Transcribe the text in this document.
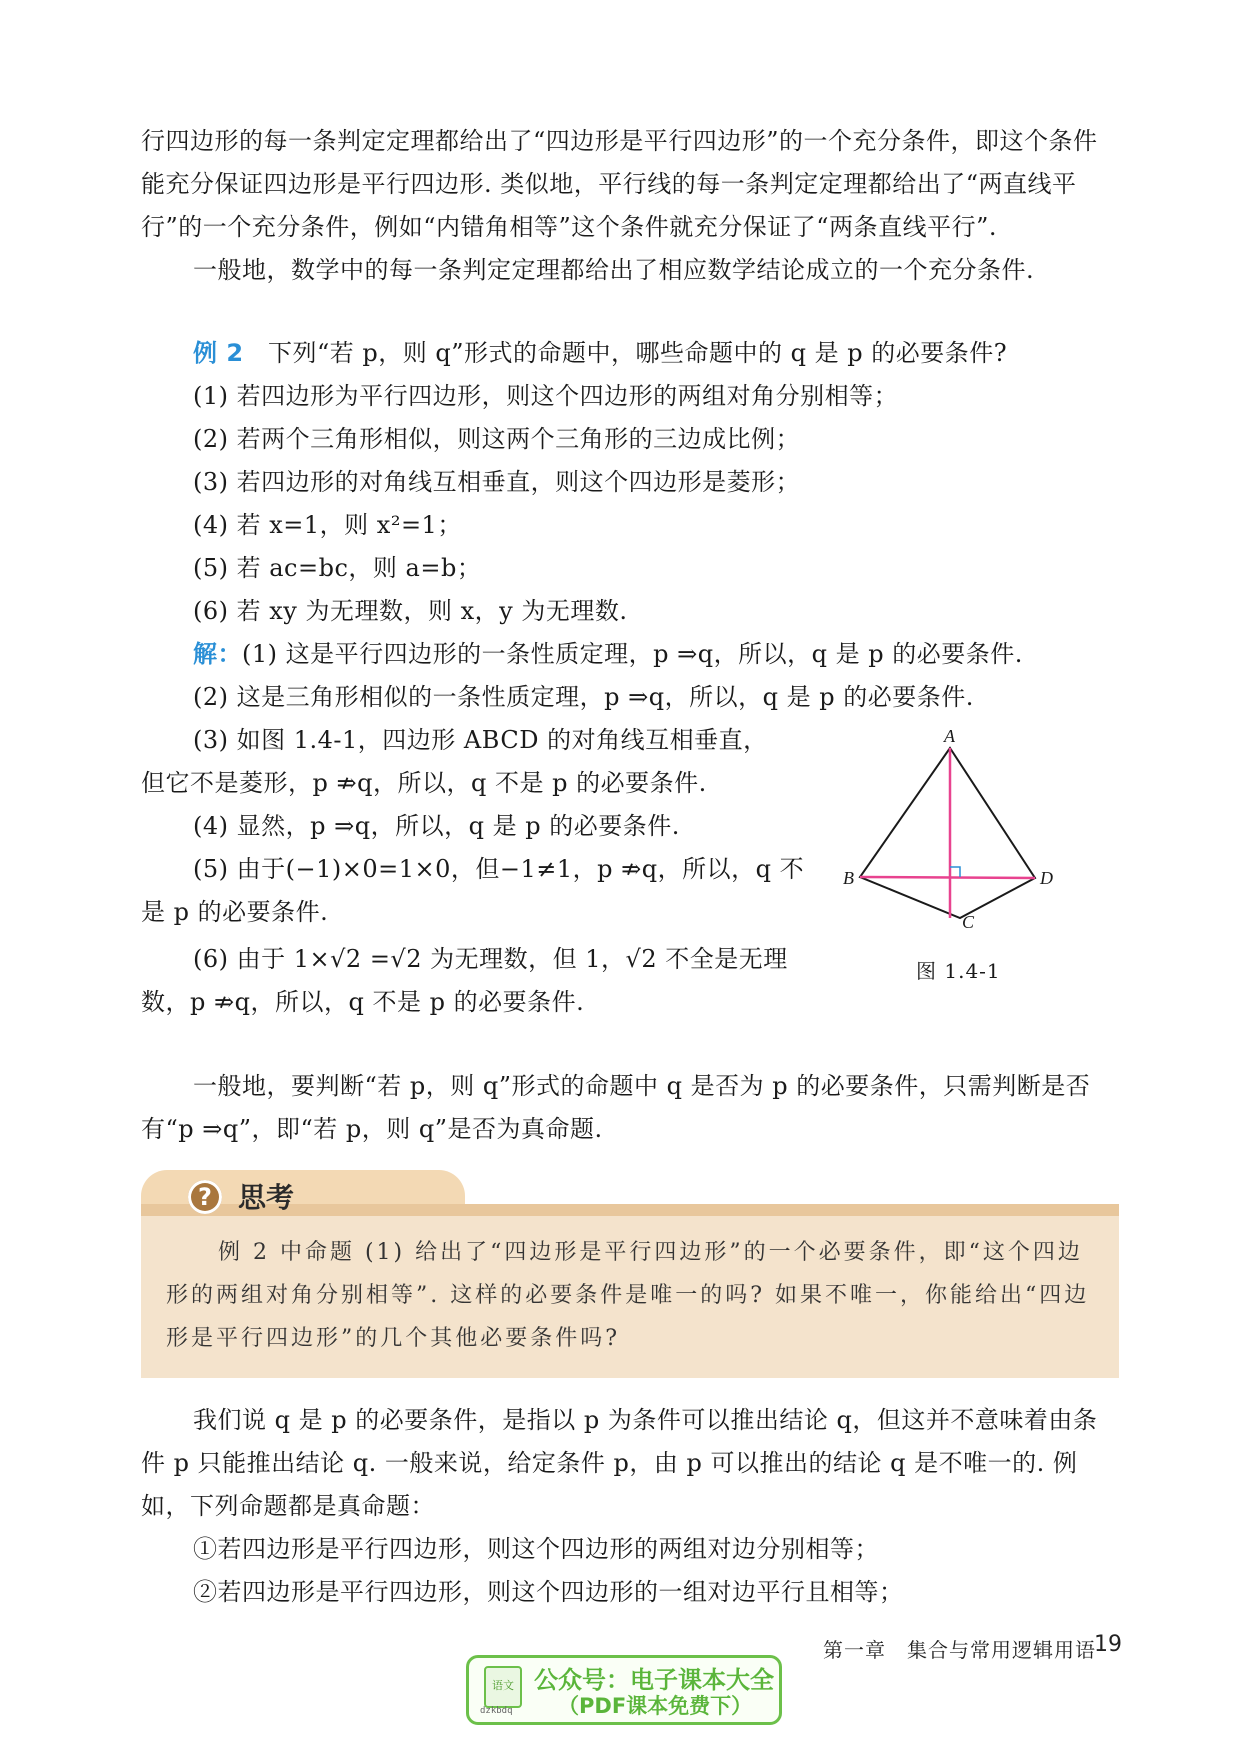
行四边形的每一条判定定理都给出了“四边形是平行四边形”的一个充分条件，即这个条件能充分保证四边形是平行四边形. 类似地，平行线的每一条判定定理都给出了“两直线平行”的一个充分条件，例如“内错角相等”这个条件就充分保证了“两条直线平行”.

一般地，数学中的每一条判定定理都给出了相应数学结论成立的一个充分条件.

例 2 下列“若 p，则 q”形式的命题中，哪些命题中的 q 是 p 的必要条件?
(1) 若四边形为平行四边形，则这个四边形的两组对角分别相等；
(2) 若两个三角形相似，则这两个三角形的三边成比例；
(3) 若四边形的对角线互相垂直，则这个四边形是菱形；
(4) 若 x=1，则 x²=1；
(5) 若 ac=bc，则 a=b；
(6) 若 xy 为无理数，则 x，y 为无理数.
解：(1) 这是平行四边形的一条性质定理，p ⇒q，所以，q 是 p 的必要条件.
(2) 这是三角形相似的一条性质定理，p ⇒q，所以，q 是 p 的必要条件.
(3) 如图 1.4-1，四边形 ABCD 的对角线互相垂直，
但它不是菱形，p ⇏q，所以，q 不是 p 的必要条件.
(4) 显然，p ⇒q，所以，q 是 p 的必要条件.
(5) 由于(−1)×0=1×0，但−1≠1，p ⇏q，所以，q 不
是 p 的必要条件.
(6) 由于 1×√2 =√2 为无理数，但 1，√2 不全是无理
数，p ⇏q，所以，q 不是 p 的必要条件.
A
B
C
D
图 1.4-1
一般地，要判断“若 p，则 q”形式的命题中 q 是否为 p 的必要条件，只需判断是否
有“p ⇒q”，即“若 p，则 q”是否为真命题.
? 思考

例 2 中命题 (1) 给出了“四边形是平行四边形”的一个必要条件，即“这个四边形的两组对角分别相等”. 这样的必要条件是唯一的吗? 如果不唯一，你能给出“四边形是平行四边形”的几个其他必要条件吗?

我们说 q 是 p 的必要条件，是指以 p 为条件可以推出结论 q，但这并不意味着由条件 p 只能推出结论 q. 一般来说，给定条件 p，由 p 可以推出的结论 q 是不唯一的. 例如，下列命题都是真命题：

①若四边形是平行四边形，则这个四边形的两组对边分别相等；
②若四边形是平行四边形，则这个四边形的一组对边平行且相等；
第一章　集合与常用逻辑用语
19
语文 公众号：电子课本大全
（PDF课本免费下）
dzkbdq
